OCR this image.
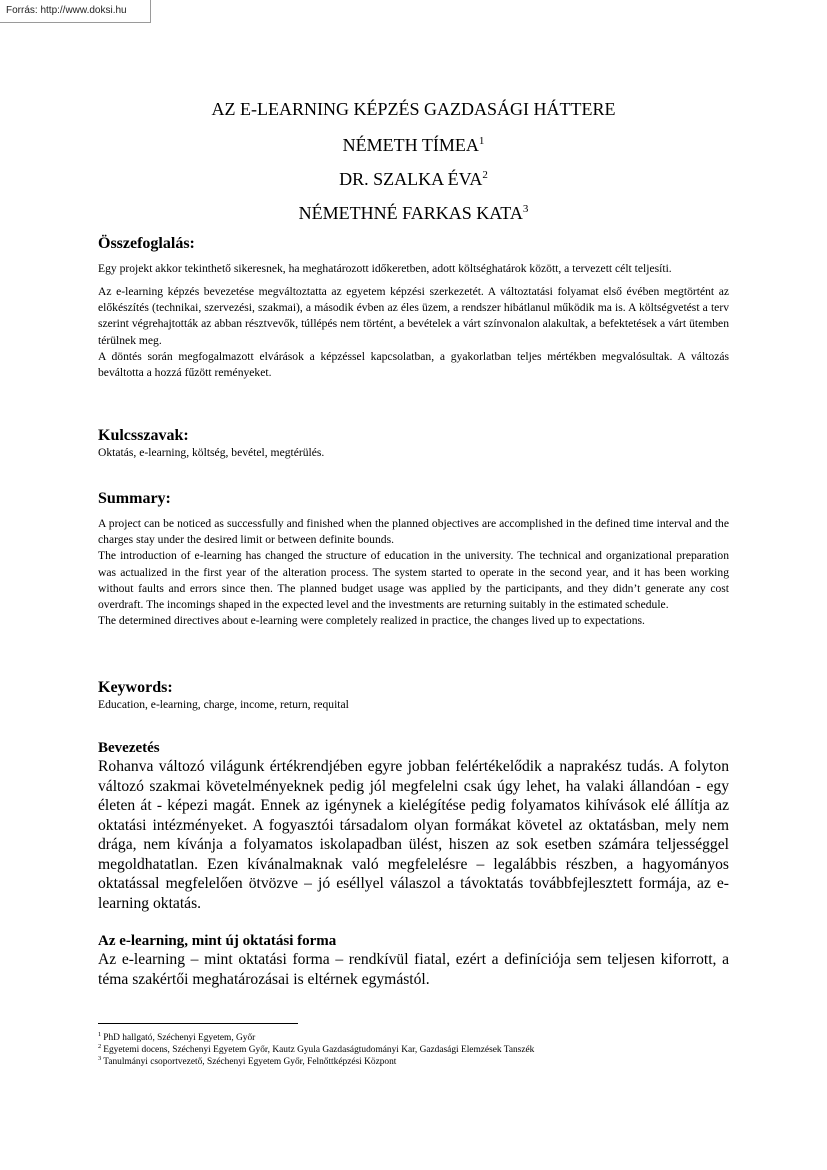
Forrás: http://www.doksi.hu
AZ E-LEARNING KÉPZÉS GAZDASÁGI HÁTTERE
NÉMETH TÍMEA$^1$
DR. SZALKA ÉVA$^2$
NÉMETHNÉ FARKAS KATA$^3$
Összefoglalás:

Egy projekt akkor tekinthető sikeresnek, ha meghatározott időkeretben, adott költséghatárok között, a tervezett célt teljesíti.

Az e-learning képzés bevezetése megváltoztatta az egyetem képzési szerkezetét. A változtatási folyamat első évében megtörtént az előkészítés (technikai, szervezési, szakmai), a második évben az éles üzem, a rendszer hibátlanul működik ma is. A költségvetést a terv szerint végrehajtották az abban résztvevők, túllépés nem történt, a bevételek a várt színvonalon alakultak, a befektetések a várt ütemben térülnek meg.

A döntés során megfogalmazott elvárások a képzéssel kapcsolatban, a gyakorlatban teljes mértékben megvalósultak. A változás beváltotta a hozzá fűzött reményeket.

Kulcsszavak:

Oktatás, e-learning, költség, bevétel, megtérülés.

Summary:

A project can be noticed as successfully and finished when the planned objectives are accomplished in the defined time interval and the charges stay under the desired limit or between definite bounds.

The introduction of e-learning has changed the structure of education in the university. The technical and organizational preparation was actualized in the first year of the alteration process. The system started to operate in the second year, and it has been working without faults and errors since then. The planned budget usage was applied by the participants, and they didn’t generate any cost overdraft. The incomings shaped in the expected level and the investments are returning suitably in the estimated schedule.

The determined directives about e-learning were completely realized in practice, the changes lived up to expectations.

Keywords:

Education, e-learning, charge, income, return, requital

Bevezetés

Rohanva változó világunk értékrendjében egyre jobban felértékelődik a naprakész tudás. A folyton változó szakmai követelményeknek pedig jól megfelelni csak úgy lehet, ha valaki állandóan - egy életen át - képezi magát. Ennek az igénynek a kielégítése pedig folyamatos kihívások elé állítja az oktatási intézményeket. A fogyasztói társadalom olyan formákat követel az oktatásban, mely nem drága, nem kívánja a folyamatos iskolapadban ülést, hiszen az sok esetben számára teljességgel megoldhatatlan. Ezen kívánalmaknak való megfelelésre – legalábbis részben, a hagyományos oktatással megfelelően ötvözve – jó eséllyel válaszol a távoktatás továbbfejlesztett formája, az e-learning oktatás.

Az e-learning, mint új oktatási forma

Az e-learning – mint oktatási forma – rendkívül fiatal, ezért a definíciója sem teljesen kiforrott, a téma szakértői meghatározásai is eltérnek egymástól.

$^1$ PhD hallgató, Széchenyi Egyetem, Győr
$^2$ Egyetemi docens, Széchenyi Egyetem Győr, Kautz Gyula Gazdaságtudományi Kar, Gazdasági Elemzések Tanszék
$^3$ Tanulmányi csoportvezető, Széchenyi Egyetem Győr, Felnőttképzési Központ
